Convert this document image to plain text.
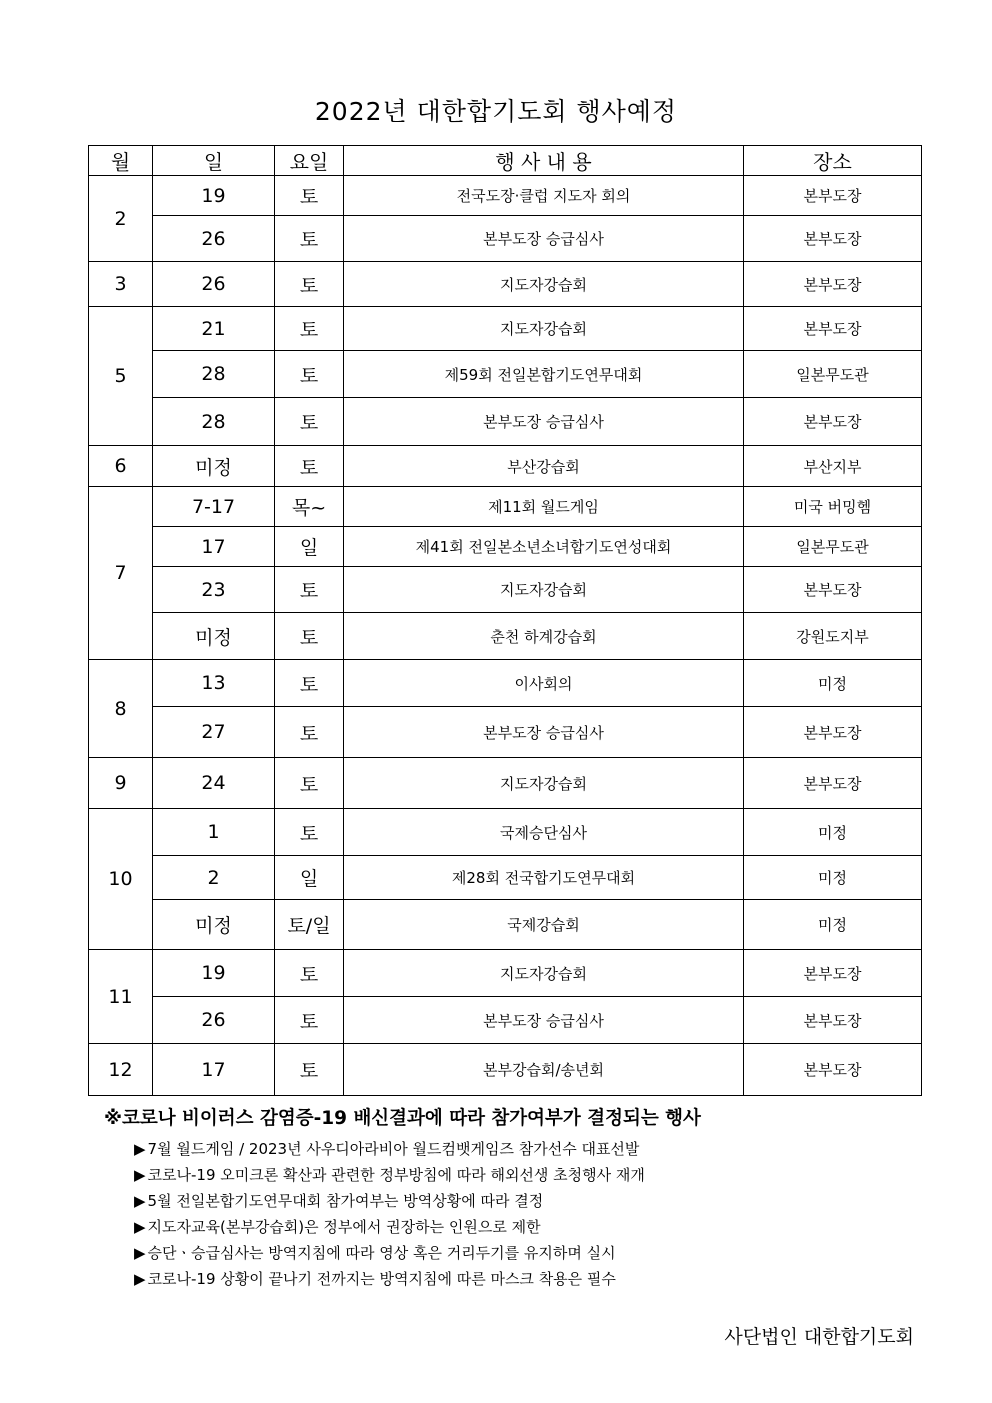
2022년 대한합기도회 행사예정
월	일	요일	행 사 내 용	장소
2	19	토	전국도장·클럽 지도자 회의	본부도장
	26	토	본부도장 승급심사	본부도장
3	26	토	지도자강습회	본부도장
5	21	토	지도자강습회	본부도장
	28	토	제59회 전일본합기도연무대회	일본무도관
	28	토	본부도장 승급심사	본부도장
6	미정	토	부산강습회	부산지부
7	7-17	목~	제11회 월드게임	미국 버밍헴
	17	일	제41회 전일본소년소녀합기도연성대회	일본무도관
	23	토	지도자강습회	본부도장
	미정	토	춘천 하계강습회	강원도지부
8	13	토	이사회의	미정
	27	토	본부도장 승급심사	본부도장
9	24	토	지도자강습회	본부도장
10	1	토	국제승단심사	미정
	2	일	제28회 전국합기도연무대회	미정
	미정	토/일	국제강습회	미정
11	19	토	지도자강습회	본부도장
	26	토	본부도장 승급심사	본부도장
12	17	토	본부강습회/송년회	본부도장
※코로나 비이러스 감염증-19 배신결과에 따라 참가여부가 결정되는 행사
▶ 7월 월드게임 / 2023년 사우디아라비아 월드컴뱃게임즈 참가선수 대표선발
▶ 코로나-19 오미크론 확산과 관련한 정부방침에 따라 해외선생 초청행사 재개
▶ 5월 전일본합기도연무대회 참가여부는 방역상황에 따라 결정
▶ 지도자교육(본부강습회)은 정부에서 권장하는 인원으로 제한
▶ 승단ㆍ승급심사는 방역지침에 따라 영상 혹은 거리두기를 유지하며 실시
▶ 코로나-19 상황이 끝나기 전까지는 방역지침에 따른 마스크 착용은 필수
사단법인 대한합기도회
